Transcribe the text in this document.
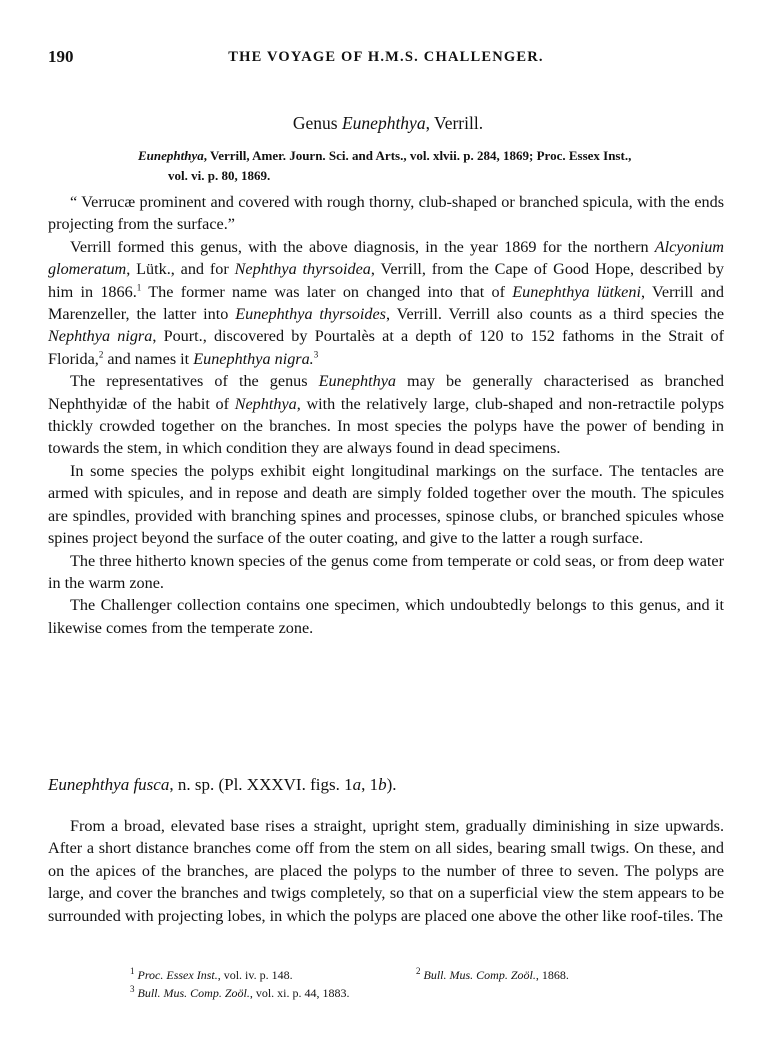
190	THE VOYAGE OF H.M.S. CHALLENGER.
Genus Eunephthya, Verrill.
Eunephthya, Verrill, Amer. Journ. Sci. and Arts., vol. xlvii. p. 284, 1869; Proc. Essex Inst.,
vol. vi. p. 80, 1869.

“ Verrucæ prominent and covered with rough thorny, club-shaped or branched spicula, with the ends projecting from the surface.”

Verrill formed this genus, with the above diagnosis, in the year 1869 for the northern Alcyonium glomeratum, Lütk., and for Nephthya thyrsoidea, Verrill, from the Cape of Good Hope, described by him in 1866.$^1$ The former name was later on changed into that of Eunephthya lütkeni, Verrill and Marenzeller, the latter into Eunephthya thyrsoides, Verrill. Verrill also counts as a third species the Nephthya nigra, Pourt., discovered by Pourtalès at a depth of 120 to 152 fathoms in the Strait of Florida,$^2$ and names it Eunephthya nigra.$^3$

The representatives of the genus Eunephthya may be generally characterised as branched Nephthyidæ of the habit of Nephthya, with the relatively large, club-shaped and non-retractile polyps thickly crowded together on the branches. In most species the polyps have the power of bending in towards the stem, in which condition they are always found in dead specimens.

In some species the polyps exhibit eight longitudinal markings on the surface. The tentacles are armed with spicules, and in repose and death are simply folded together over the mouth. The spicules are spindles, provided with branching spines and processes, spinose clubs, or branched spicules whose spines project beyond the surface of the outer coating, and give to the latter a rough surface.

The three hitherto known species of the genus come from temperate or cold seas, or from deep water in the warm zone.

The Challenger collection contains one specimen, which undoubtedly belongs to this genus, and it likewise comes from the temperate zone.

Eunephthya fusca, n. sp. (Pl. XXXVI. figs. 1a, 1b).

From a broad, elevated base rises a straight, upright stem, gradually diminishing in size upwards. After a short distance branches come off from the stem on all sides, bearing small twigs. On these, and on the apices of the branches, are placed the polyps to the number of three to seven. The polyps are large, and cover the branches and twigs completely, so that on a superficial view the stem appears to be surrounded with projecting lobes, in which the polyps are placed one above the other like roof-tiles. The

$^1$ Proc. Essex Inst., vol. iv. p. 148.	$^2$ Bull. Mus. Comp. Zoöl., 1868.
$^3$ Bull. Mus. Comp. Zoöl., vol. xi. p. 44, 1883.
